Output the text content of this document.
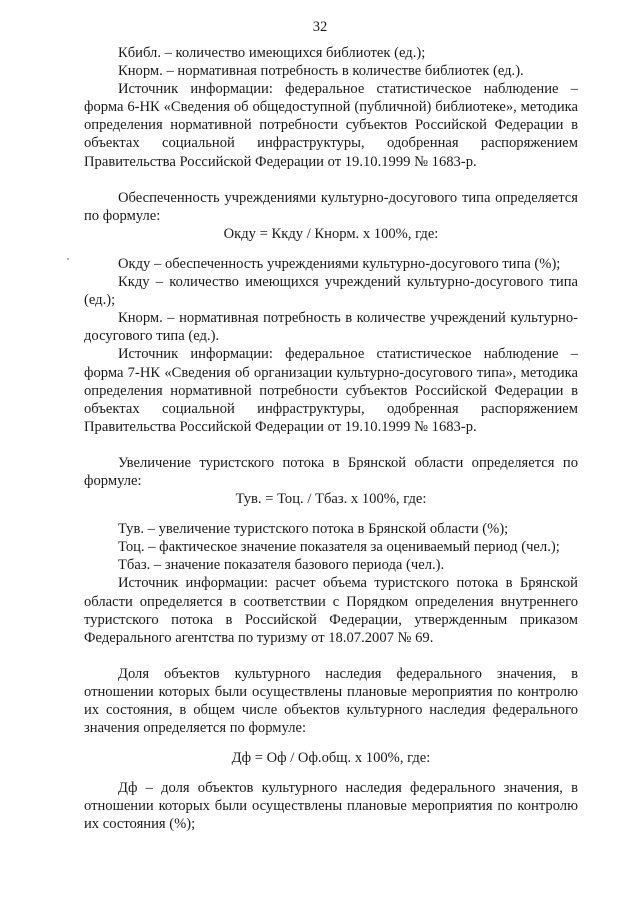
32

Кбибл. – количество имеющихся библиотек (ед.);

Кнорм. – нормативная потребность в количестве библиотек (ед.).

Источник информации: федеральное статистическое наблюдение – форма 6-НК «Сведения об общедоступной (публичной) библиотеке», методика определения нормативной потребности субъектов Российской Федерации в объектах социальной инфраструктуры, одобренная распоряжением Правительства Российской Федерации от 19.10.1999 № 1683-р.

Обеспеченность учреждениями культурно-досугового типа определяется по формуле:

Окду = Ккду / Кнорм. x 100%, где:

Окду – обеспеченность учреждениями культурно-досугового типа (%);

Ккду – количество имеющихся учреждений культурно-досугового типа (ед.);

Кнорм. – нормативная потребность в количестве учреждений культурно-досугового типа (ед.).

Источник информации: федеральное статистическое наблюдение – форма 7-НК «Сведения об организации культурно-досугового типа», методика определения нормативной потребности субъектов Российской Федерации в объектах социальной инфраструктуры, одобренная распоряжением Правительства Российской Федерации от 19.10.1999 № 1683-р.

Увеличение туристского потока в Брянской области определяется по формуле:

Тув. = Тоц. / Тбаз. x 100%, где:

Тув. – увеличение туристского потока в Брянской области (%);

Тоц. – фактическое значение показателя за оцениваемый период (чел.);

Тбаз. – значение показателя базового периода (чел.).

Источник информации: расчет объема туристского потока в Брянской области определяется в соответствии с Порядком определения внутреннего туристского потока в Российской Федерации, утвержденным приказом Федерального агентства по туризму от 18.07.2007 № 69.

Доля объектов культурного наследия федерального значения, в отношении которых были осуществлены плановые мероприятия по контролю их состояния, в общем числе объектов культурного наследия федерального значения определяется по формуле:

Дф = Оф / Оф.общ. x 100%, где:

Дф – доля объектов культурного наследия федерального значения, в отношении которых были осуществлены плановые мероприятия по контролю их состояния (%);
